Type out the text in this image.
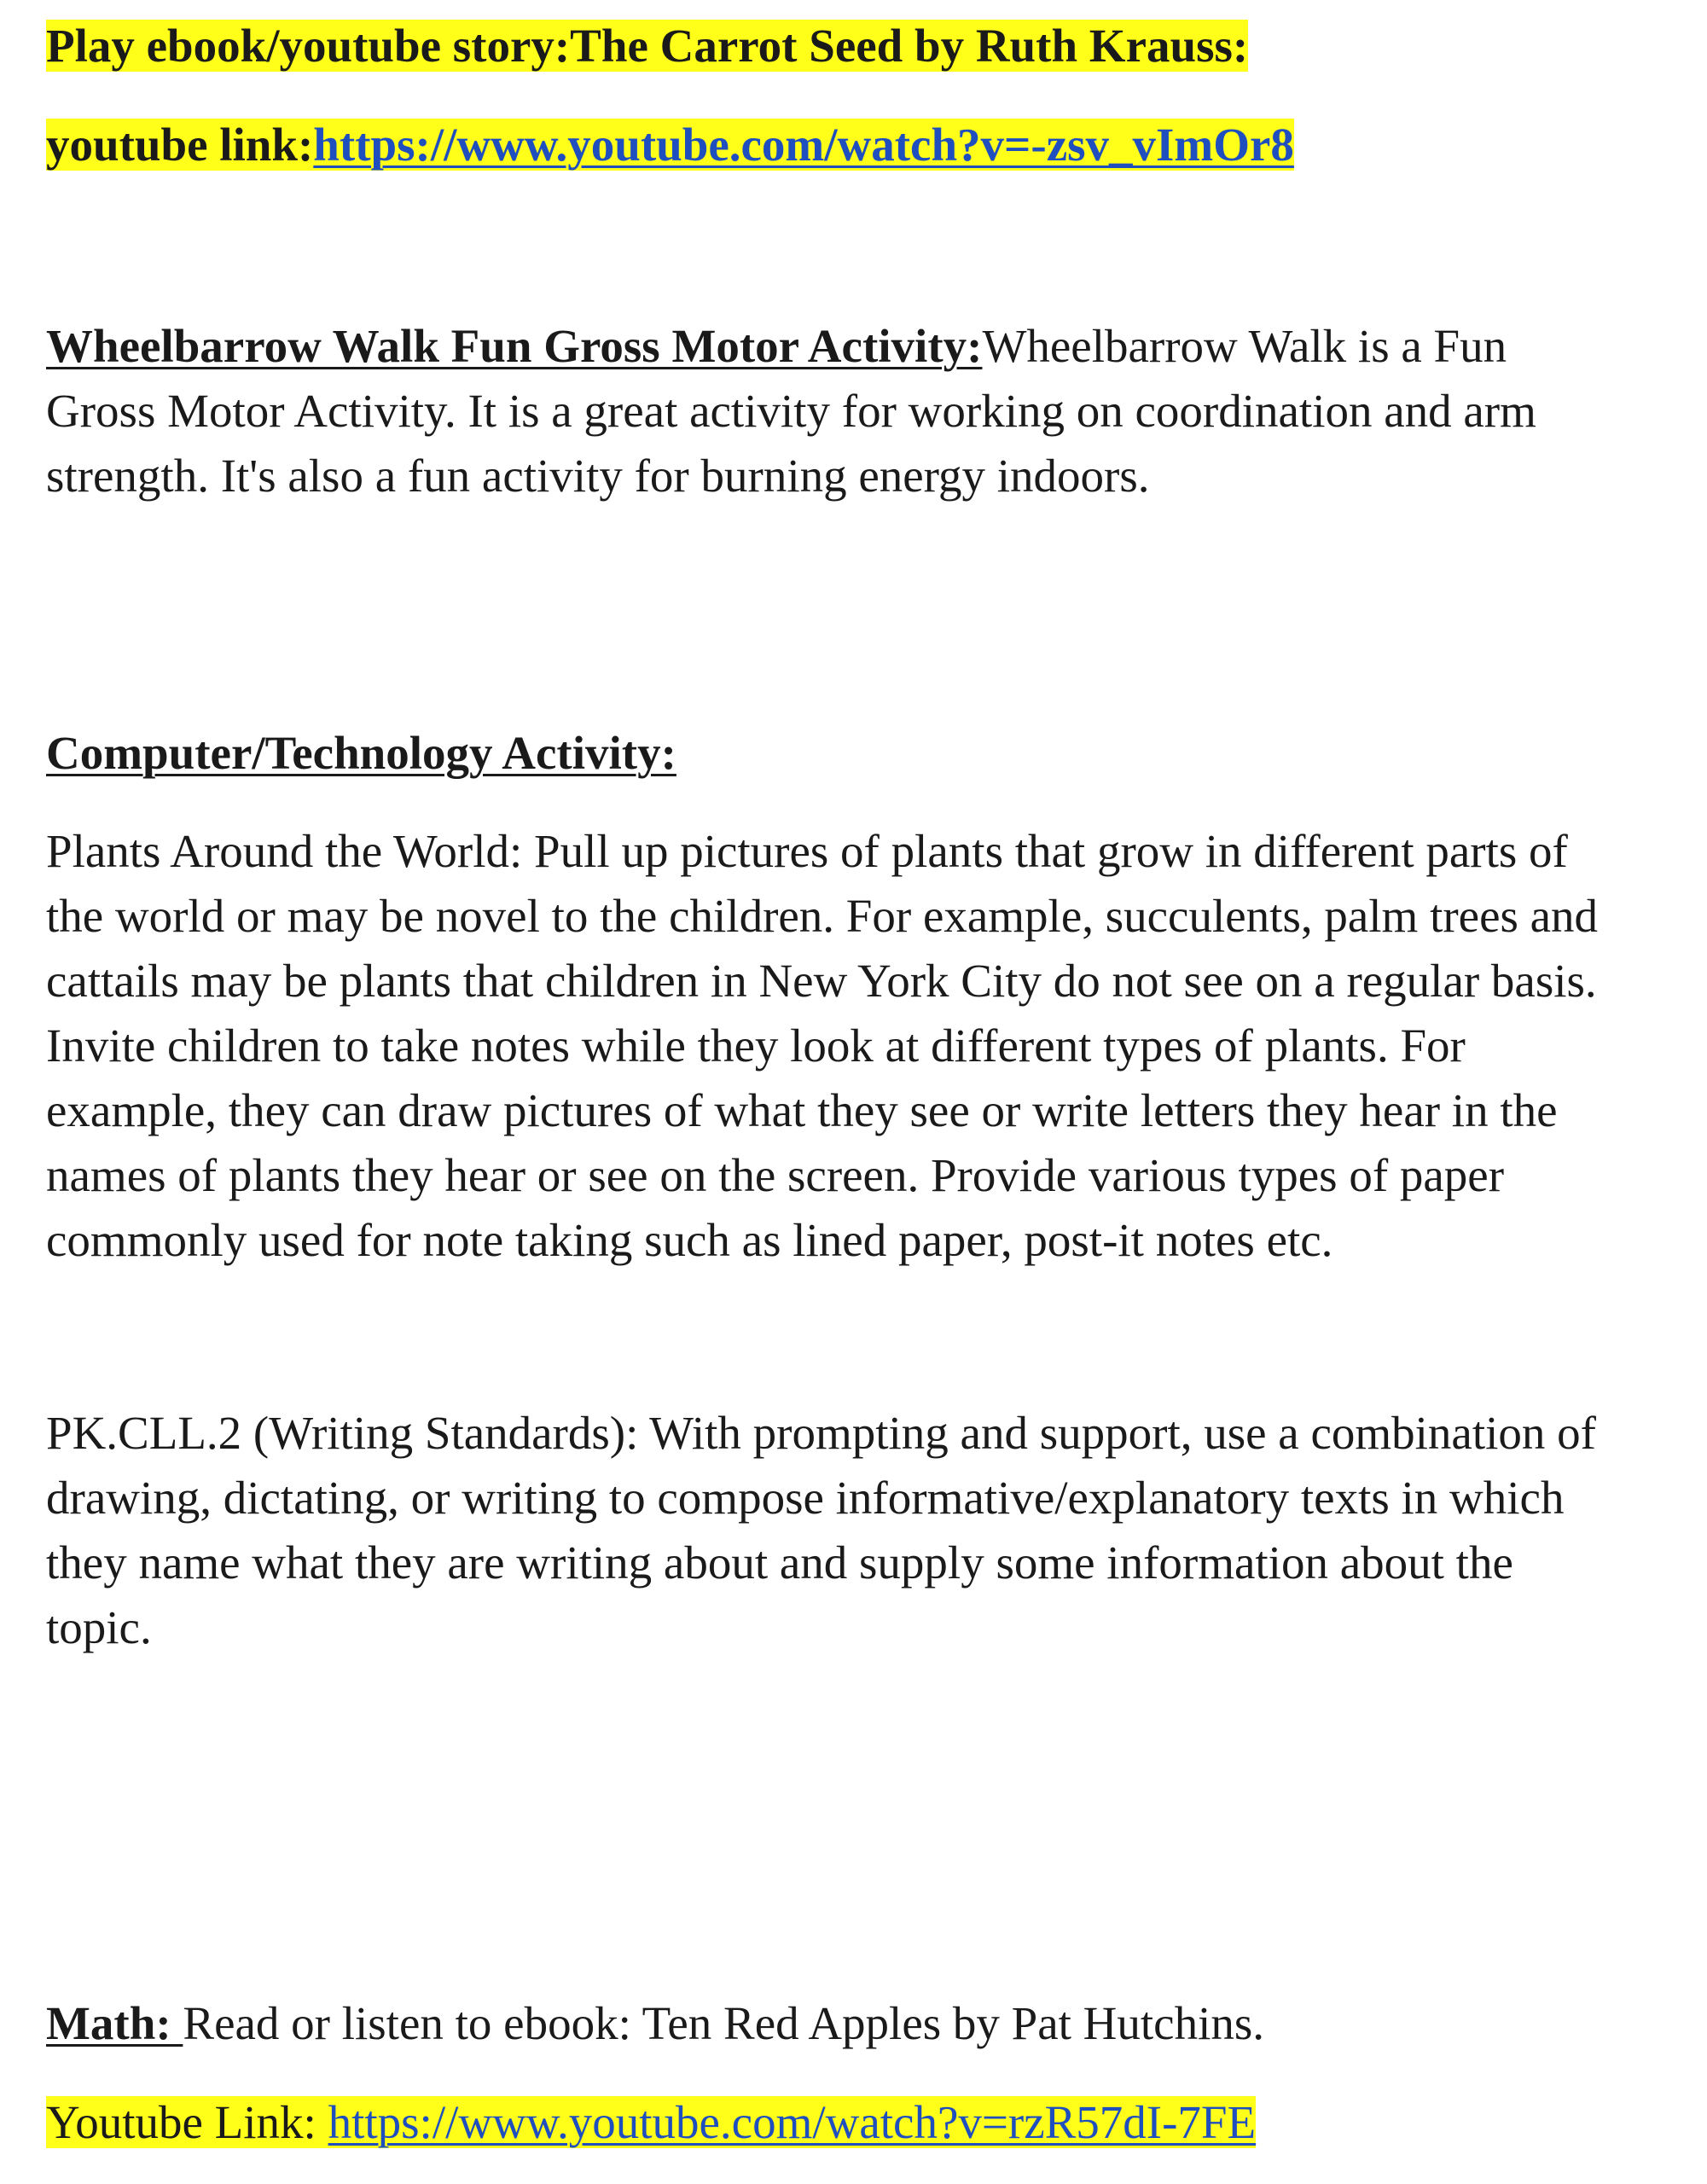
Play ebook/youtube story:The Carrot Seed by Ruth Krauss:
youtube link:https://www.youtube.com/watch?v=-zsv_vImOr8
Wheelbarrow Walk Fun Gross Motor Activity:Wheelbarrow Walk is a Fun
Gross Motor Activity. It is a great activity for working on coordination and arm
strength. It's also a fun activity for burning energy indoors.
Computer/Technology Activity:
Plants Around the World: Pull up pictures of plants that grow in different parts of
the world or may be novel to the children. For example, succulents, palm trees and
cattails may be plants that children in New York City do not see on a regular basis.
Invite children to take notes while they look at different types of plants. For
example, they can draw pictures of what they see or write letters they hear in the
names of plants they hear or see on the screen. Provide various types of paper
commonly used for note taking such as lined paper, post-it notes etc.
PK.CLL.2 (Writing Standards): With prompting and support, use a combination of
drawing, dictating, or writing to compose informative/explanatory texts in which
they name what they are writing about and supply some information about the
topic.
Math: Read or listen to ebook: Ten Red Apples by Pat Hutchins.
Youtube Link: https://www.youtube.com/watch?v=rzR57dI-7FE
